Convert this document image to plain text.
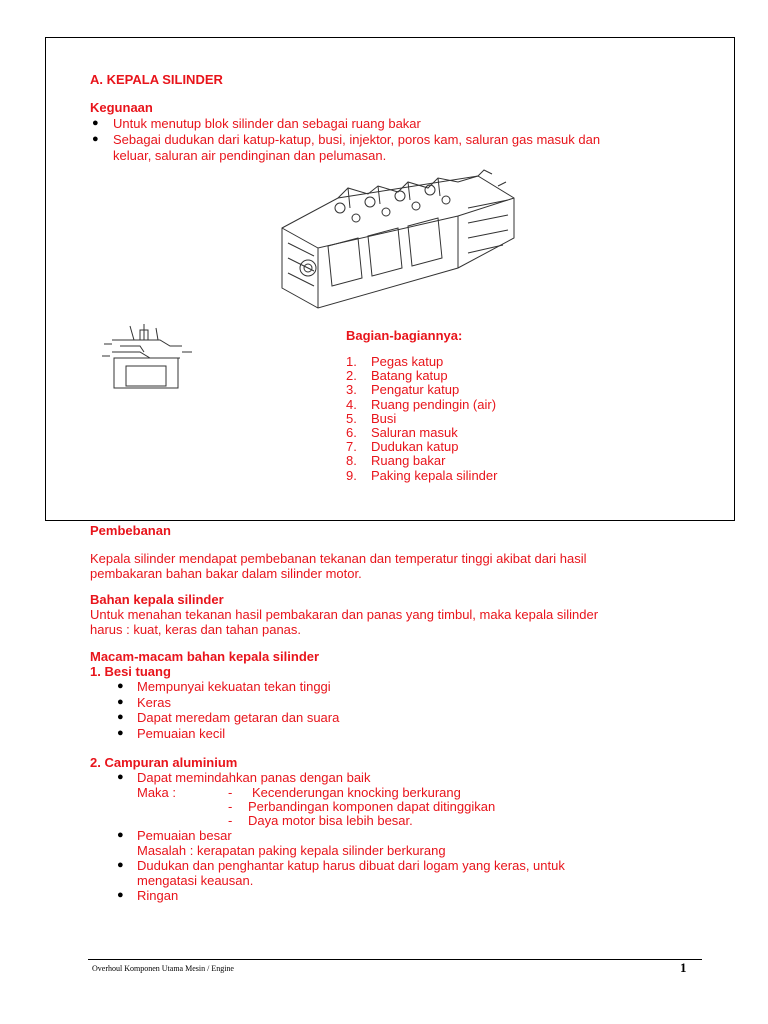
A. KEPALA SILINDER
Kegunaan
● Untuk menutup blok silinder dan sebagai ruang bakar
● Sebagai dudukan dari katup-katup, busi, injektor, poros kam, saluran gas masuk dan
keluar, saluran air pendinginan dan pelumasan.
Bagian-bagiannya:
1. Pegas katup
2. Batang katup
3. Pengatur katup
4. Ruang pendingin (air)
5. Busi
6. Saluran masuk
7. Dudukan katup
8. Ruang bakar
9. Paking kepala silinder
Pembebanan
Kepala silinder mendapat pembebanan tekanan dan temperatur tinggi akibat dari hasil
pembakaran bahan bakar dalam silinder motor.
Bahan kepala silinder
Untuk menahan tekanan hasil pembakaran dan panas yang timbul, maka kepala silinder
harus : kuat, keras dan tahan panas.
Macam-macam bahan kepala silinder
1. Besi tuang
● Mempunyai kekuatan tekan tinggi
● Keras
● Dapat meredam getaran dan suara
● Pemuaian kecil
2. Campuran aluminium
● Dapat memindahkan panas dengan baik
Maka :	- Kecenderungan knocking berkurang
- Perbandingan komponen dapat ditinggikan
- Daya motor bisa lebih besar.
● Pemuaian besar
Masalah : kerapatan paking kepala silinder berkurang
● Dudukan dan penghantar katup harus dibuat dari logam yang keras, untuk
mengatasi keausan.
● Ringan
Overhoul Komponen Utama Mesin / Engine	1
